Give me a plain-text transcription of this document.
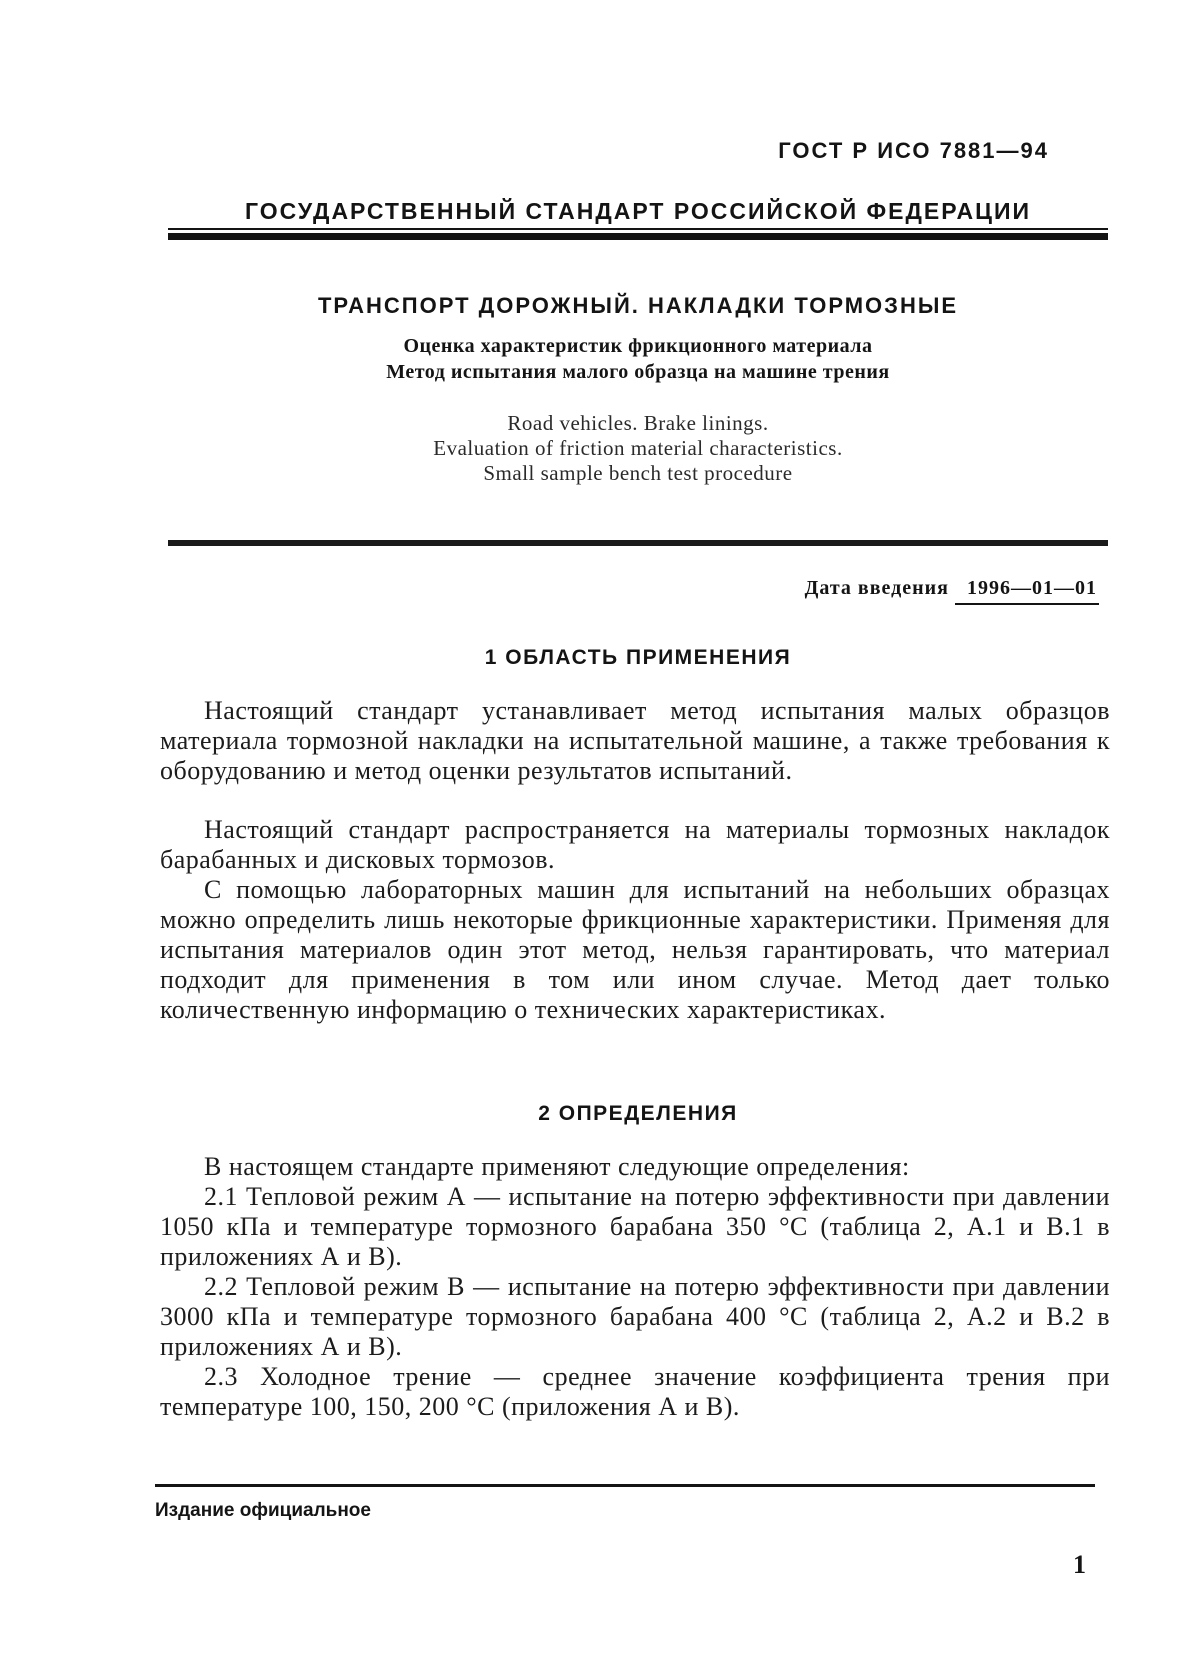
ГОСТ Р ИСО 7881—94
ГОСУДАРСТВЕННЫЙ СТАНДАРТ РОССИЙСКОЙ ФЕДЕРАЦИИ
ТРАНСПОРТ ДОРОЖНЫЙ. НАКЛАДКИ ТОРМОЗНЫЕ
Оценка характеристик фрикционного материала
Метод испытания малого образца на машине трения
Road vehicles. Brake linings.
Evaluation of friction material characteristics.
Small sample bench test procedure
Дата введения 1996—01—01
1 ОБЛАСТЬ ПРИМЕНЕНИЯ
Настоящий стандарт устанавливает метод испытания малых образцов материала тормозной накладки на испытательной машине, а также требования к оборудованию и метод оценки результатов испытаний.
Настоящий стандарт распространяется на материалы тормозных накладок барабанных и дисковых тормозов.
С помощью лабораторных машин для испытаний на небольших образцах можно определить лишь некоторые фрикционные характеристики. Применяя для испытания материалов один этот метод, нельзя гарантировать, что материал подходит для применения в том или ином случае. Метод дает только количественную информацию о технических характеристиках.
2 ОПРЕДЕЛЕНИЯ
В настоящем стандарте применяют следующие определения:
2.1 Тепловой режим А — испытание на потерю эффективности при давлении 1050 кПа и температуре тормозного барабана 350 °С (таблица 2, А.1 и В.1 в приложениях А и В).
2.2 Тепловой режим В — испытание на потерю эффективности при давлении 3000 кПа и температуре тормозного барабана 400 °С (таблица 2, А.2 и В.2 в приложениях А и В).
2.3 Холодное трение — среднее значение коэффициента трения при температуре 100, 150, 200 °С (приложения А и В).
Издание официальное
1
